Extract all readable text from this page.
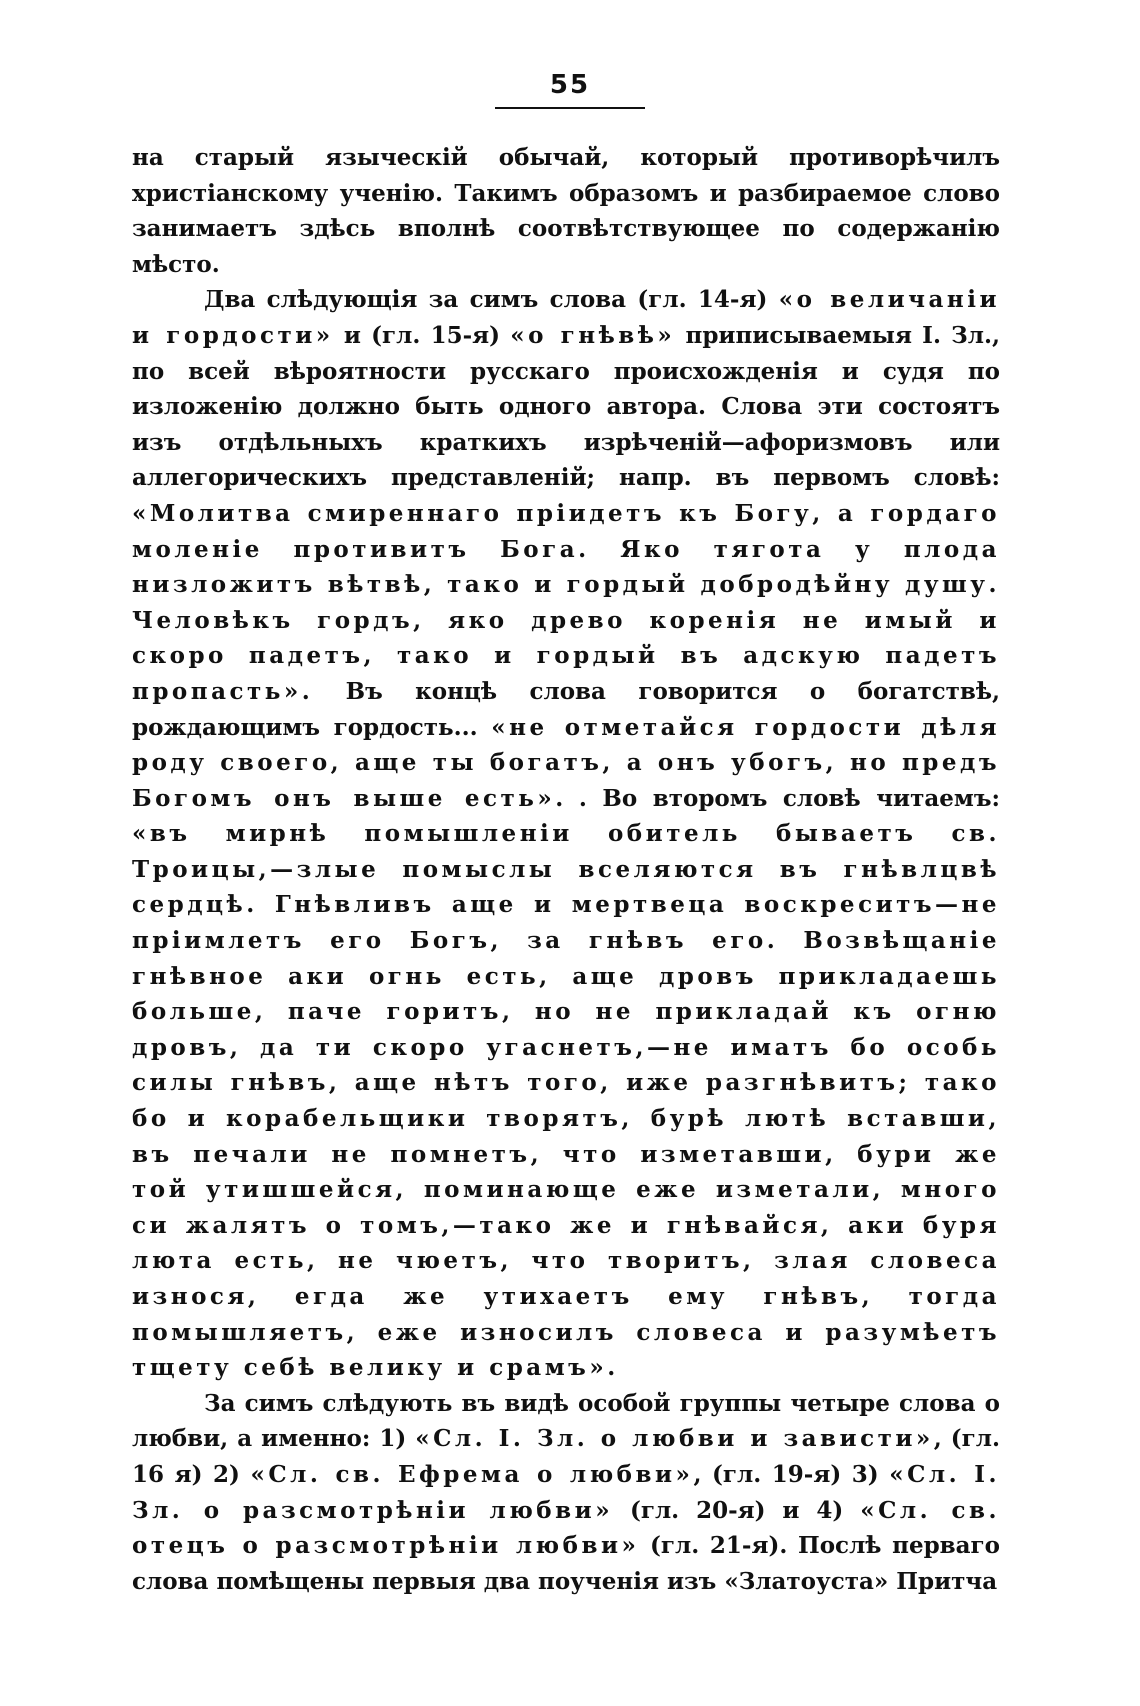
55

на старый языческій обычай, который противорѣчилъ христіанскому ученію. Такимъ образомъ и разбираемое слово занимаетъ здѣсь вполнѣ соотвѣтствующее по содержанію мѣсто.

Два слѣдующія за симъ слова (гл. 14-я) «о величаніи и гордости» и (гл. 15-я) «о гнѣвѣ» приписываемыя I. Зл., по всей вѣроятности русскаго происхожденія и судя по изложенію должно быть одного автора. Слова эти состоятъ изъ отдѣльныхъ краткихъ изрѣченій—афоризмовъ или аллегорическихъ представленій; напр. въ первомъ словѣ: «Молитва смиреннаго пріидетъ къ Богу, а гордаго моленіе противитъ Бога. Яко тягота у плода низложитъ вѣтвѣ, тако и гордый добродѣйну душу. Человѣкъ гордъ, яко древо коренія не имый и скоро падетъ, тако и гордый въ адскую падетъ пропасть». Въ концѣ слова говорится о богатствѣ, рождающимъ гордость... «не отметайся гордости дѣля роду своего, аще ты богатъ, а онъ убогъ, но предъ Богомъ онъ выше есть». . Во второмъ словѣ читаемъ: «въ мирнѣ помышленіи обитель бываетъ св. Троицы,—злые помыслы вселяются въ гнѣвлцвѣ сердцѣ. Гнѣвливъ аще и мертвеца воскреситъ—не пріимлетъ его Богъ, за гнѣвъ его. Возвѣщаніе гнѣвное аки огнь есть, аще дровъ прикладаешь больше, паче горитъ, но не прикладай къ огню дровъ, да ти скоро угаснетъ,—не иматъ бо особь силы гнѣвъ, аще нѣтъ того, иже разгнѣвитъ; тако бо и корабельщики творятъ, бурѣ лютѣ вставши, въ печали не помнетъ, что изметавши, бури же той утишшейся, поминающе еже изметали, много си жалятъ о томъ,—тако же и гнѣвайся, аки буря люта есть, не чюетъ, что творитъ, злая словеса износя, егда же утихаетъ ему гнѣвъ, тогда помышляетъ, еже износилъ словеса и разумѣетъ тщету себѣ велику и срамъ».

За симъ слѣдують въ видѣ особой группы четыре слова о любви, а именно: 1) «Сл. I. Зл. о любви и зависти», (гл. 16 я) 2) «Сл. св. Ефрема о любви», (гл. 19-я) 3) «Сл. I. Зл. о разсмотрѣніи любви» (гл. 20-я) и 4) «Сл. св. отецъ о разсмотрѣніи любви» (гл. 21-я). Послѣ перваго слова помѣщены первыя два поученія изъ «Златоуста» Притча
